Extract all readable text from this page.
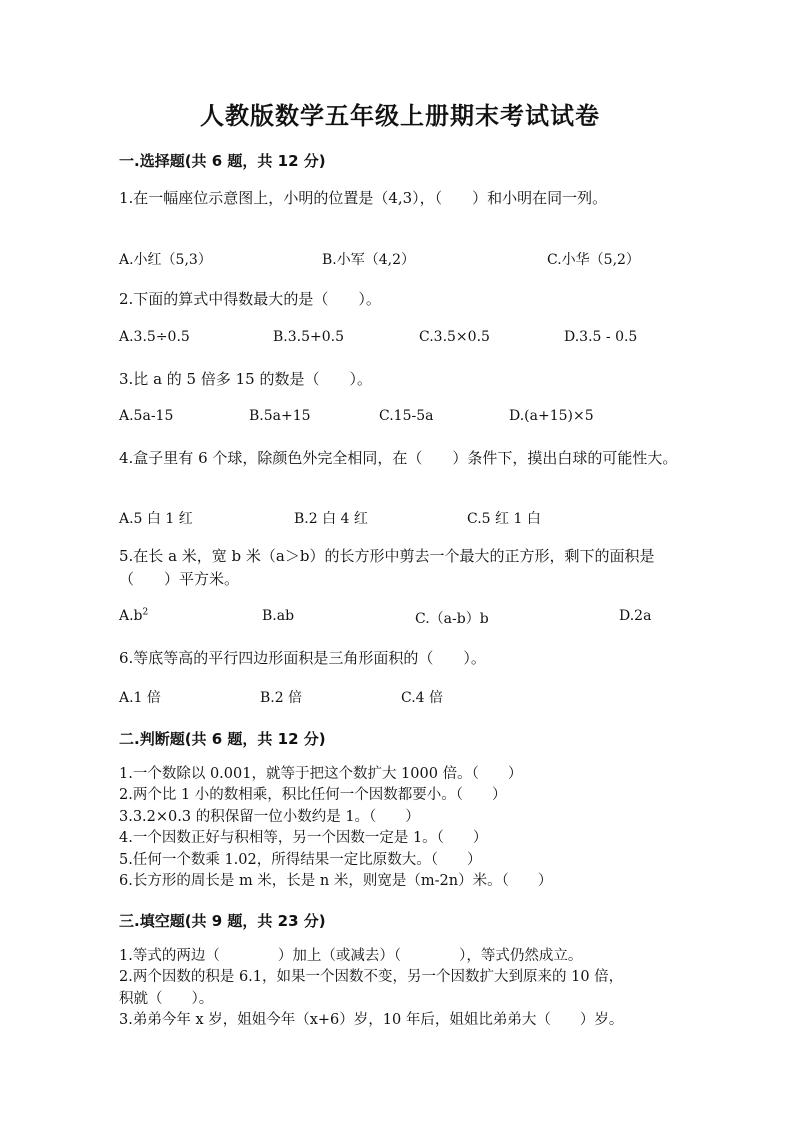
人教版数学五年级上册期末考试试卷
一.选择题(共 6 题，共 12 分)
1.在一幅座位示意图上，小明的位置是（4,3），（　　）和小明在同一列。
A.小红（5,3）	B.小军（4,2）	C.小华（5,2）
2.下面的算式中得数最大的是（　　）。
A.3.5÷0.5	B.3.5+0.5	C.3.5×0.5	D.3.5 - 0.5
3.比 a 的 5 倍多 15 的数是（　　）。
A.5a-15	B.5a+15	C.15-5a	D.(a+15)×5
4.盒子里有 6 个球，除颜色外完全相同，在（　　）条件下，摸出白球的可能性大。
A.5 白 1 红	B.2 白 4 红	C.5 红 1 白
5.在长 a 米，宽 b 米（a＞b）的长方形中剪去一个最大的正方形，剩下的面积是（　　）平方米。
$A.b^2$	B.ab	C.（a-b）b	D.2a
6.等底等高的平行四边形面积是三角形面积的（　　）。
A.1 倍	B.2 倍	C.4 倍
二.判断题(共 6 题，共 12 分)
1.一个数除以 0.001，就等于把这个数扩大 1000 倍。（　　）
2.两个比 1 小的数相乘，积比任何一个因数都要小。（　　）
3.3.2×0.3 的积保留一位小数约是 1。（　　）
4.一个因数正好与积相等，另一个因数一定是 1。（　　）
5.任何一个数乘 1.02，所得结果一定比原数大。（　　）
6.长方形的周长是 m 米，长是 n 米，则宽是（m-2n）米。（　　）
三.填空题(共 9 题，共 23 分)
1.等式的两边（　　　　）加上（或减去）（　　　　），等式仍然成立。
2.两个因数的积是 6.1，如果一个因数不变，另一个因数扩大到原来的 10 倍，
积就（　　）。
3.弟弟今年 x 岁，姐姐今年（x+6）岁，10 年后，姐姐比弟弟大（　　）岁。
